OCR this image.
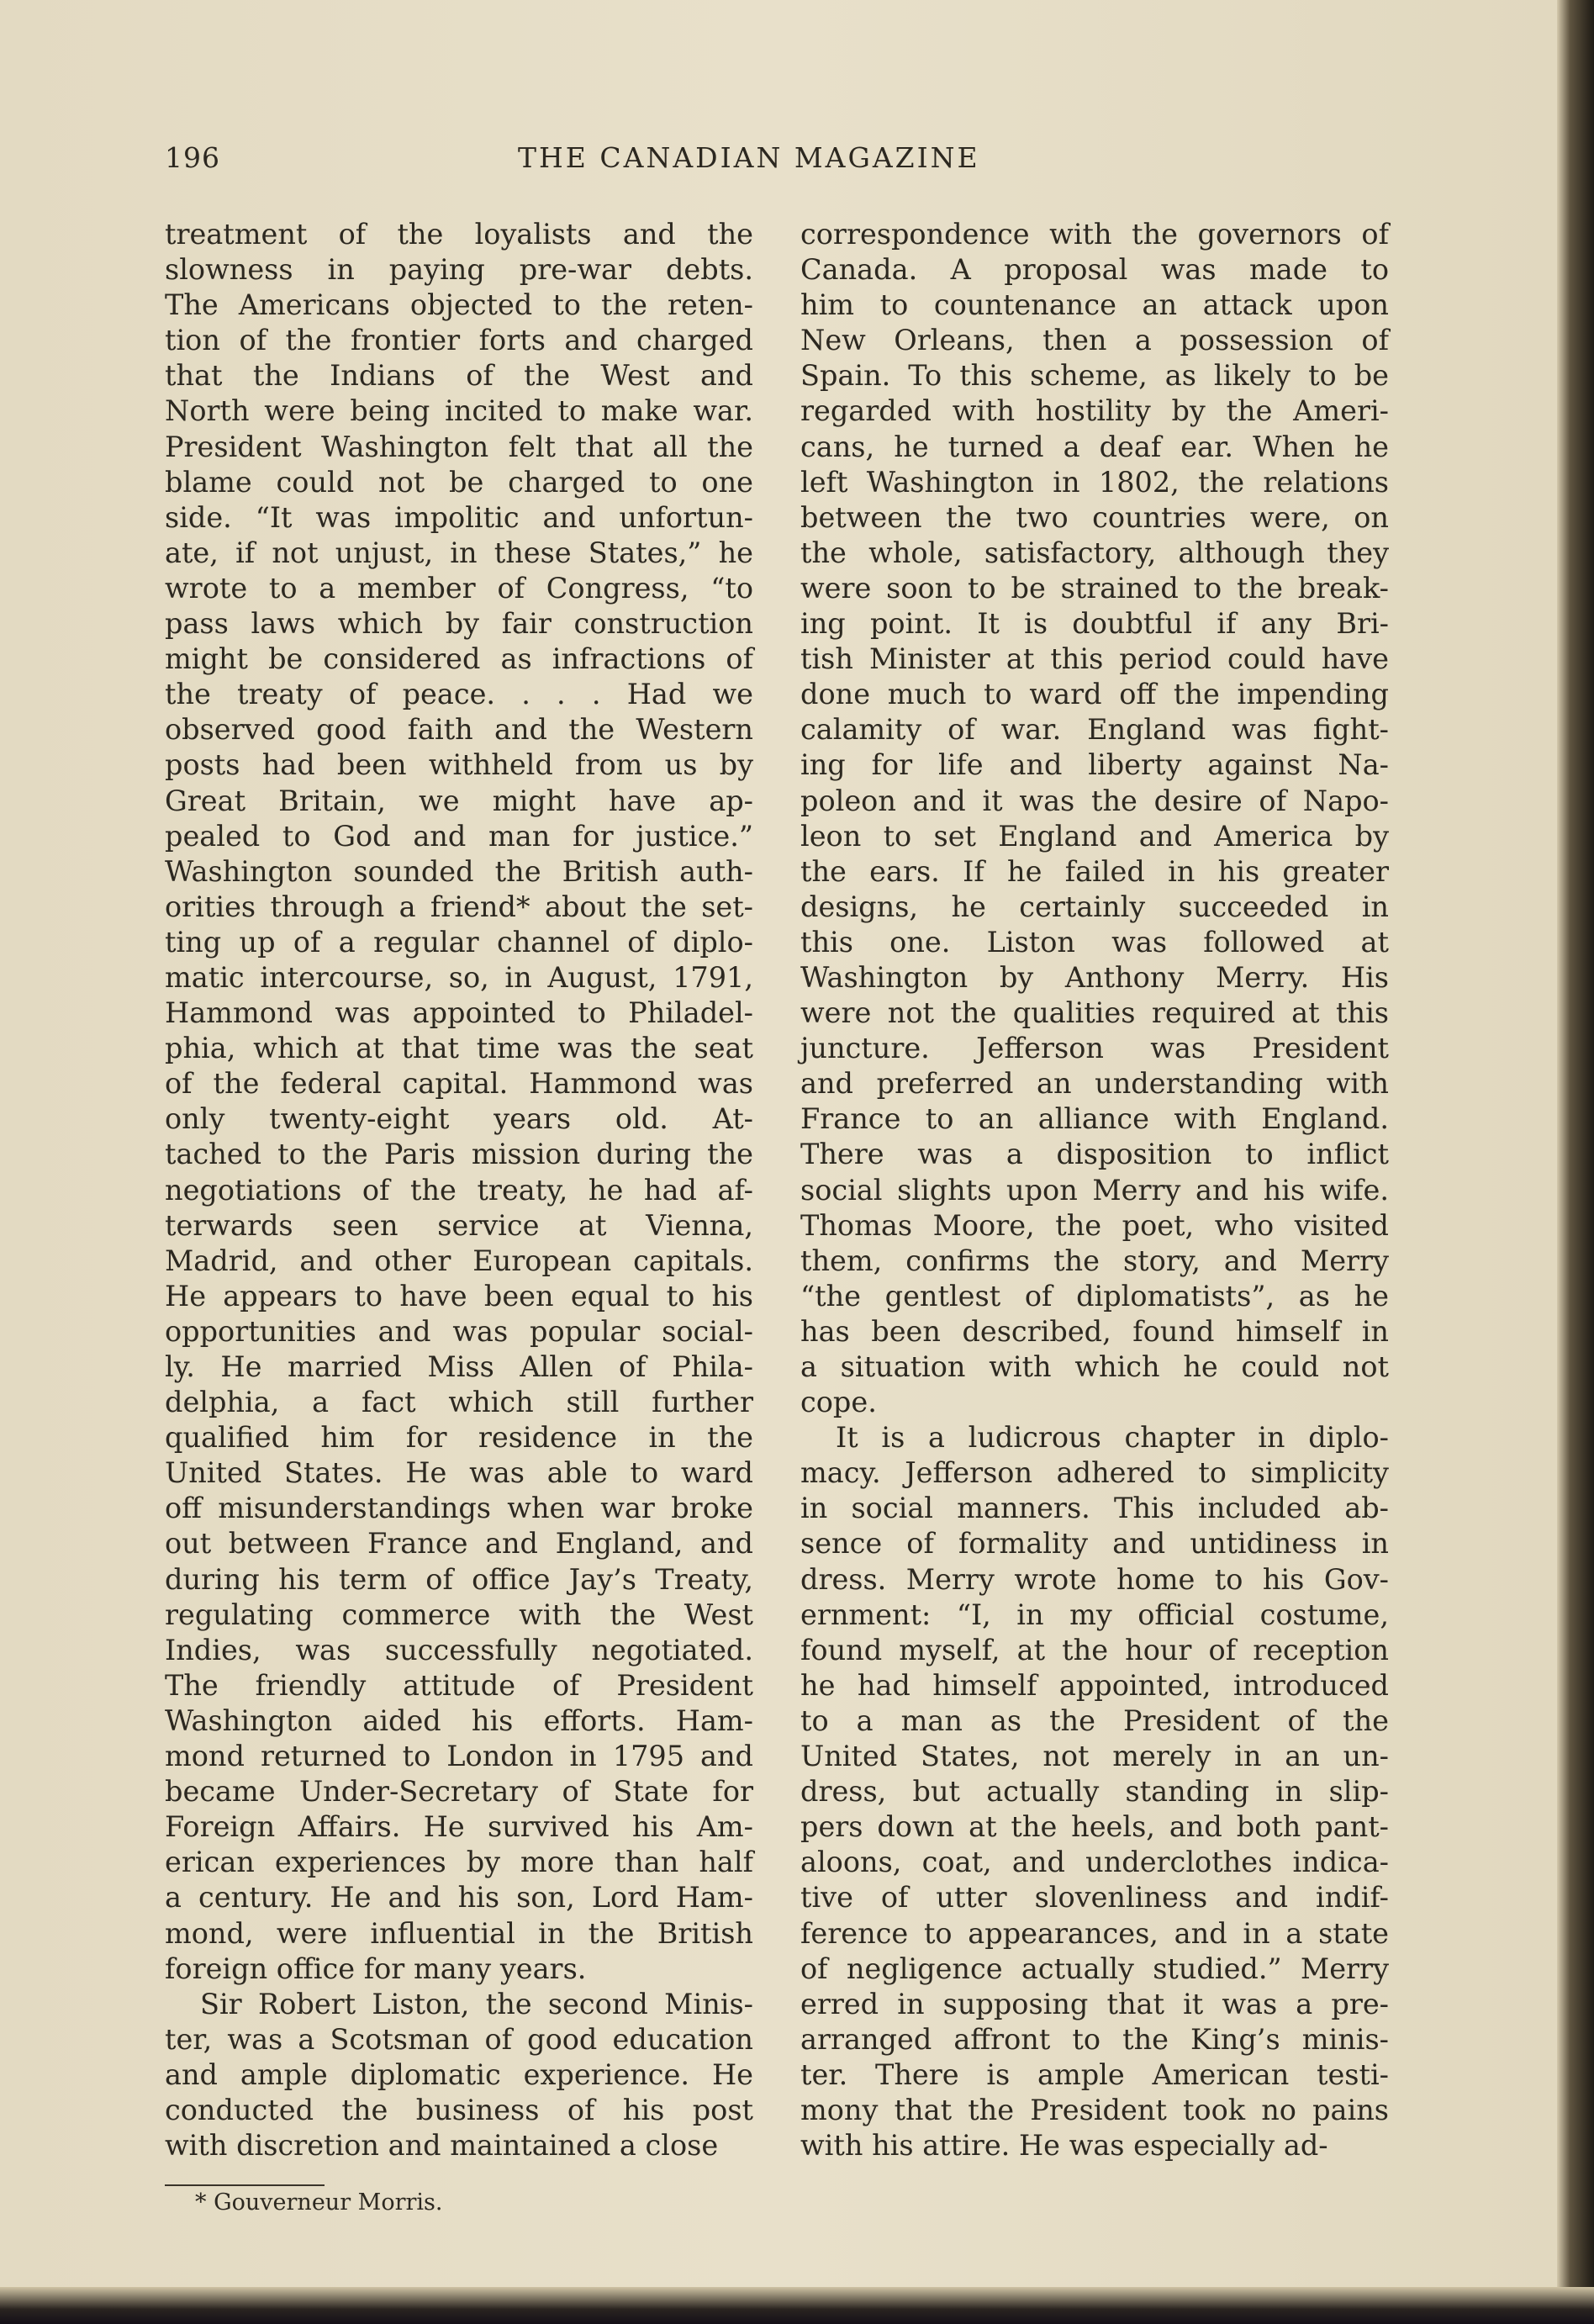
196	THE CANADIAN MAGAZINE
treatment of the loyalists and the
slowness in paying pre-war debts.
The Americans objected to the reten-
tion of the frontier forts and charged
that the Indians of the West and
North were being incited to make war.
President Washington felt that all the
blame could not be charged to one
side. “It was impolitic and unfortun-
ate, if not unjust, in these States,” he
wrote to a member of Congress, “to
pass laws which by fair construction
might be considered as infractions of
the treaty of peace. . . . Had we
observed good faith and the Western
posts had been withheld from us by
Great Britain, we might have ap-
pealed to God and man for justice.”
Washington sounded the British auth-
orities through a friend* about the set-
ting up of a regular channel of diplo-
matic intercourse, so, in August, 1791,
Hammond was appointed to Philadel-
phia, which at that time was the seat
of the federal capital. Hammond was
only twenty-eight years old. At-
tached to the Paris mission during the
negotiations of the treaty, he had af-
terwards seen service at Vienna,
Madrid, and other European capitals.
He appears to have been equal to his
opportunities and was popular social-
ly. He married Miss Allen of Phila-
delphia, a fact which still further
qualified him for residence in the
United States. He was able to ward
off misunderstandings when war broke
out between France and England, and
during his term of office Jay’s Treaty,
regulating commerce with the West
Indies, was successfully negotiated.
The friendly attitude of President
Washington aided his efforts. Ham-
mond returned to London in 1795 and
became Under-Secretary of State for
Foreign Affairs. He survived his Am-
erican experiences by more than half
a century. He and his son, Lord Ham-
mond, were influential in the British
foreign office for many years.
Sir Robert Liston, the second Minis-
ter, was a Scotsman of good education
and ample diplomatic experience. He
conducted the business of his post
with discretion and maintained a close
correspondence with the governors of
Canada. A proposal was made to
him to countenance an attack upon
New Orleans, then a possession of
Spain. To this scheme, as likely to be
regarded with hostility by the Ameri-
cans, he turned a deaf ear. When he
left Washington in 1802, the relations
between the two countries were, on
the whole, satisfactory, although they
were soon to be strained to the break-
ing point. It is doubtful if any Bri-
tish Minister at this period could have
done much to ward off the impending
calamity of war. England was fight-
ing for life and liberty against Na-
poleon and it was the desire of Napo-
leon to set England and America by
the ears. If he failed in his greater
designs, he certainly succeeded in
this one. Liston was followed at
Washington by Anthony Merry. His
were not the qualities required at this
juncture. Jefferson was President
and preferred an understanding with
France to an alliance with England.
There was a disposition to inflict
social slights upon Merry and his wife.
Thomas Moore, the poet, who visited
them, confirms the story, and Merry
“the gentlest of diplomatists”, as he
has been described, found himself in
a situation with which he could not
cope.
It is a ludicrous chapter in diplo-
macy. Jefferson adhered to simplicity
in social manners. This included ab-
sence of formality and untidiness in
dress. Merry wrote home to his Gov-
ernment: “I, in my official costume,
found myself, at the hour of reception
he had himself appointed, introduced
to a man as the President of the
United States, not merely in an un-
dress, but actually standing in slip-
pers down at the heels, and both pant-
aloons, coat, and underclothes indica-
tive of utter slovenliness and indif-
ference to appearances, and in a state
of negligence actually studied.” Merry
erred in supposing that it was a pre-
arranged affront to the King’s minis-
ter. There is ample American testi-
mony that the President took no pains
with his attire. He was especially ad-
* Gouverneur Morris.
